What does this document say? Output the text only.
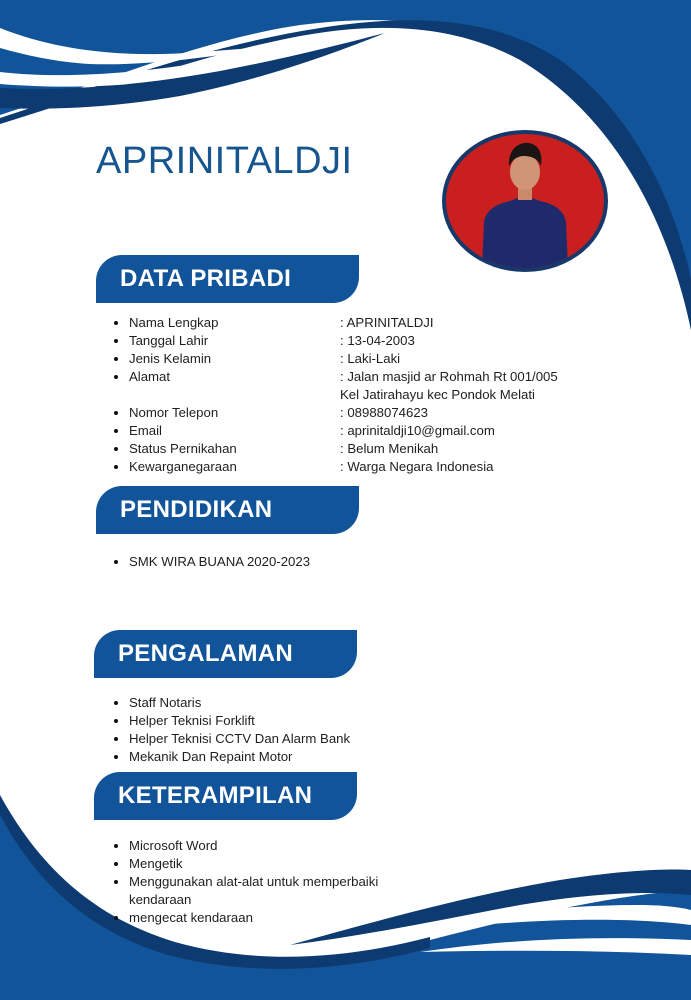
APRINITALDJI
DATA PRIBADI
Nama Lengkap	: APRINITALDJI
Tanggal Lahir	: 13-04-2003
Jenis Kelamin	: Laki-Laki
Alamat	: Jalan masjid ar Rohmah Rt 001/005 Kel Jatirahayu kec Pondok Melati
Nomor Telepon	: 08988074623
Email	: aprinitaldji10@gmail.com
Status Pernikahan	: Belum Menikah
Kewarganegaraan	: Warga Negara Indonesia
PENDIDIKAN
SMK WIRA BUANA 2020-2023
PENGALAMAN
Staff Notaris
Helper Teknisi Forklift
Helper Teknisi CCTV Dan Alarm Bank
Mekanik Dan Repaint Motor
KETERAMPILAN
Microsoft Word
Mengetik
Menggunakan alat-alat untuk memperbaiki kendaraan
mengecat kendaraan
